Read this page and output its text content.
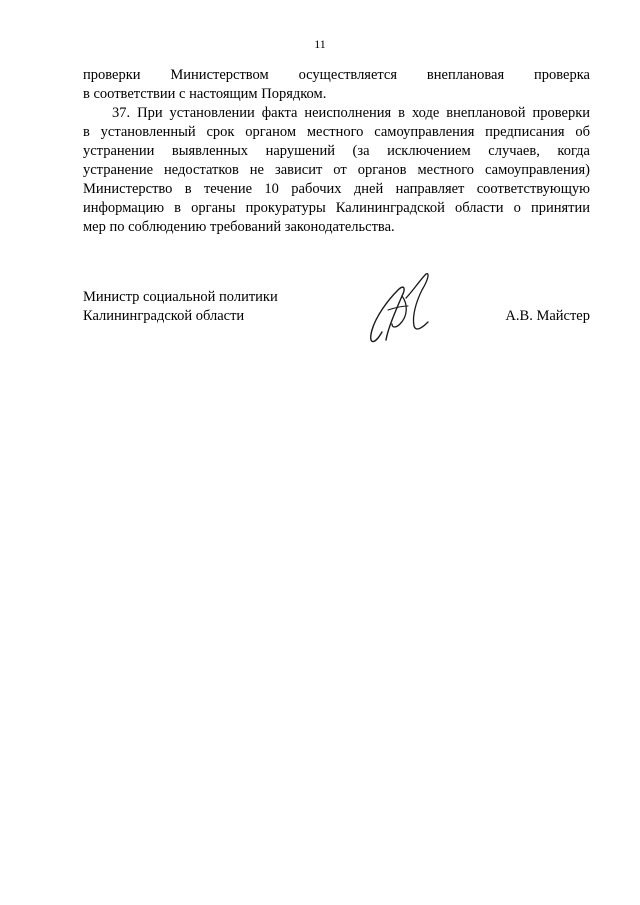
11

проверки Министерством осуществляется внеплановая проверка
в соответствии с настоящим Порядком.

37. При установлении факта неисполнения в ходе внеплановой проверки
в установленный срок органом местного самоуправления предписания об
устранении выявленных нарушений (за исключением случаев, когда
устранение недостатков не зависит от органов местного самоуправления)
Министерство в течение 10 рабочих дней направляет соответствующую
информацию в органы прокуратуры Калининградской области о принятии
мер по соблюдению требований законодательства.

Министр социальной политики
Калининградской области	А.В. Майстер
